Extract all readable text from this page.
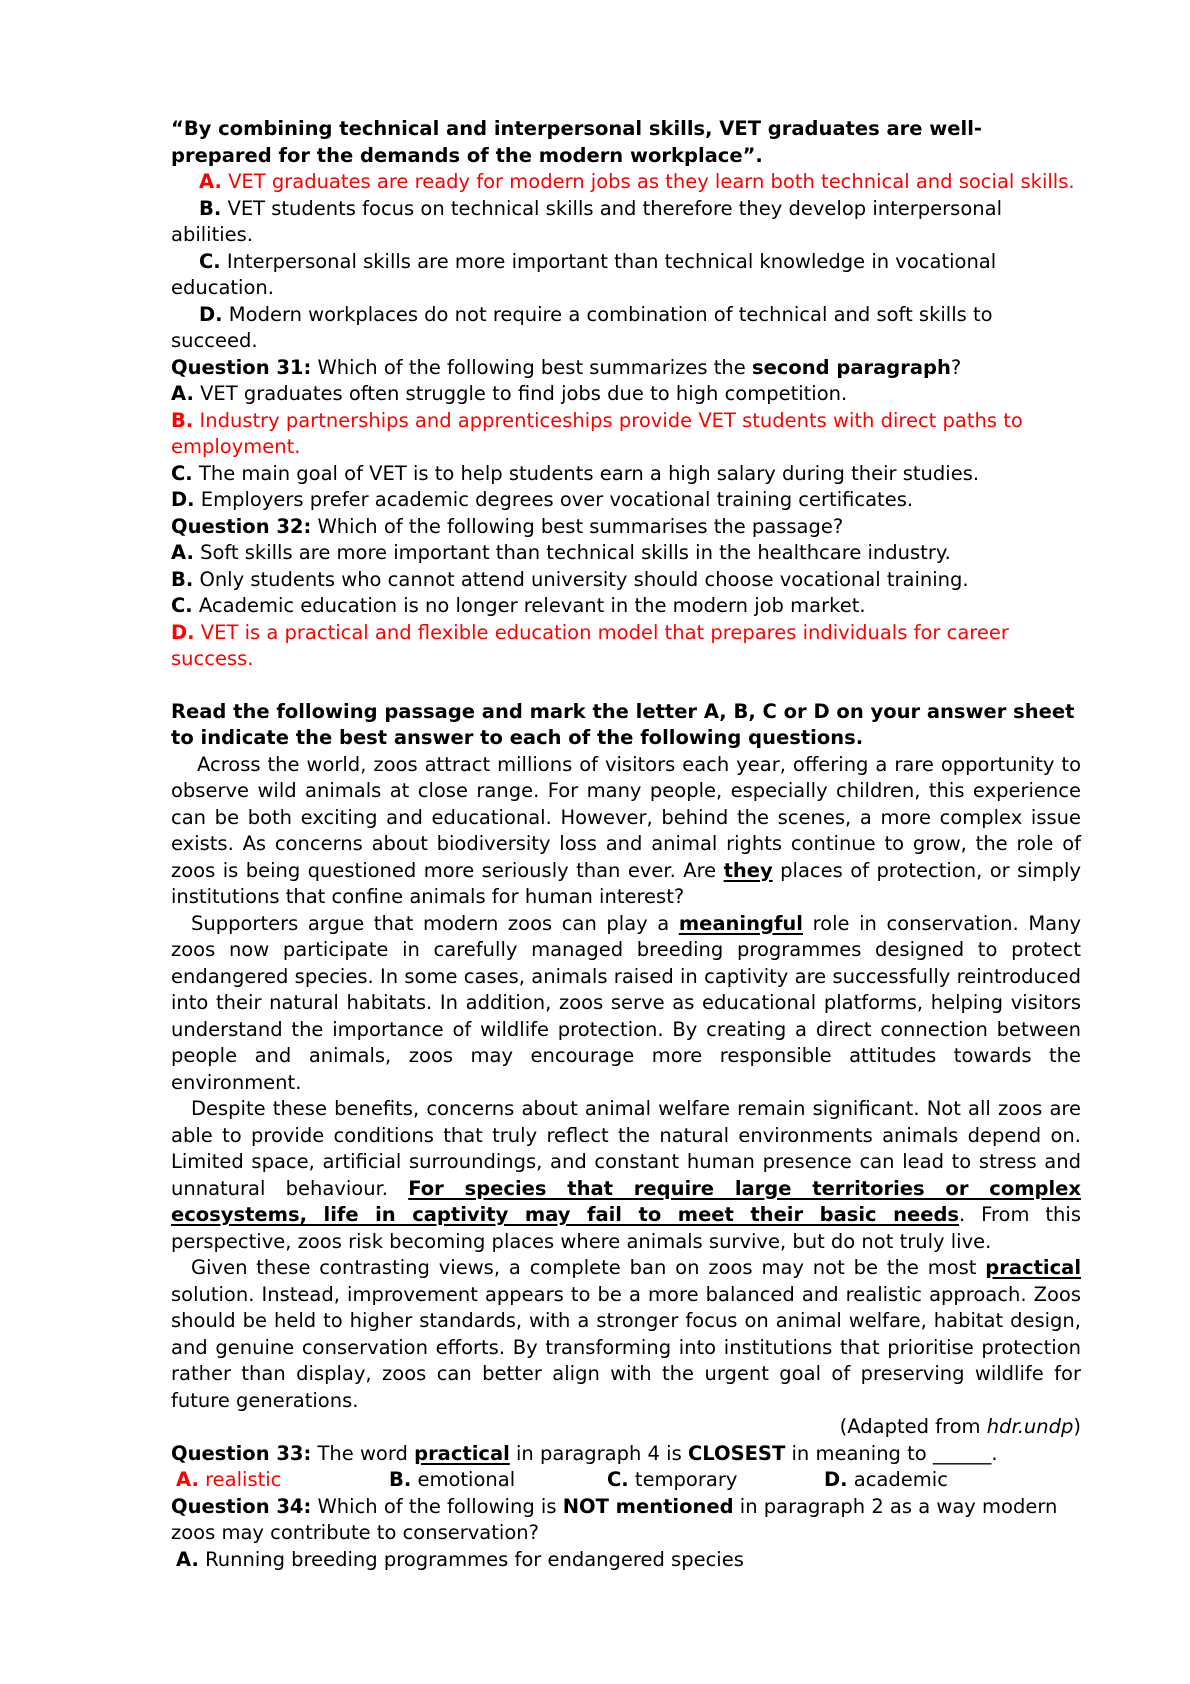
“By combining technical and interpersonal skills, VET graduates are well-prepared for the demands of the modern workplace”.

A. VET graduates are ready for modern jobs as they learn both technical and social skills.

B. VET students focus on technical skills and therefore they develop interpersonal abilities.

C. Interpersonal skills are more important than technical knowledge in vocational education.

D. Modern workplaces do not require a combination of technical and soft skills to succeed.

Question 31: Which of the following best summarizes the second paragraph?

A. VET graduates often struggle to find jobs due to high competition.

B. Industry partnerships and apprenticeships provide VET students with direct paths to employment.

C. The main goal of VET is to help students earn a high salary during their studies.

D. Employers prefer academic degrees over vocational training certificates.

Question 32: Which of the following best summarises the passage?

A. Soft skills are more important than technical skills in the healthcare industry.

B. Only students who cannot attend university should choose vocational training.

C. Academic education is no longer relevant in the modern job market.

D. VET is a practical and flexible education model that prepares individuals for career success.

Read the following passage and mark the letter A, B, C or D on your answer sheet to indicate the best answer to each of the following questions.

Across the world, zoos attract millions of visitors each year, offering a rare opportunity to observe wild animals at close range. For many people, especially children, this experience can be both exciting and educational. However, behind the scenes, a more complex issue exists. As concerns about biodiversity loss and animal rights continue to grow, the role of zoos is being questioned more seriously than ever. Are they places of protection, or simply institutions that confine animals for human interest?

Supporters argue that modern zoos can play a meaningful role in conservation. Many zoos now participate in carefully managed breeding programmes designed to protect endangered species. In some cases, animals raised in captivity are successfully reintroduced into their natural habitats. In addition, zoos serve as educational platforms, helping visitors understand the importance of wildlife protection. By creating a direct connection between people and animals, zoos may encourage more responsible attitudes towards the environment.

Despite these benefits, concerns about animal welfare remain significant. Not all zoos are able to provide conditions that truly reflect the natural environments animals depend on. Limited space, artificial surroundings, and constant human presence can lead to stress and unnatural behaviour. For species that require large territories or complex ecosystems, life in captivity may fail to meet their basic needs. From this perspective, zoos risk becoming places where animals survive, but do not truly live.

Given these contrasting views, a complete ban on zoos may not be the most practical solution. Instead, improvement appears to be a more balanced and realistic approach. Zoos should be held to higher standards, with a stronger focus on animal welfare, habitat design, and genuine conservation efforts. By transforming into institutions that prioritise protection rather than display, zoos can better align with the urgent goal of preserving wildlife for future generations.

(Adapted from hdr.undp)

Question 33: The word practical in paragraph 4 is CLOSEST in meaning to ______.

A. realistic	B. emotional	C. temporary	D. academic

Question 34: Which of the following is NOT mentioned in paragraph 2 as a way modern zoos may contribute to conservation?

A. Running breeding programmes for endangered species
